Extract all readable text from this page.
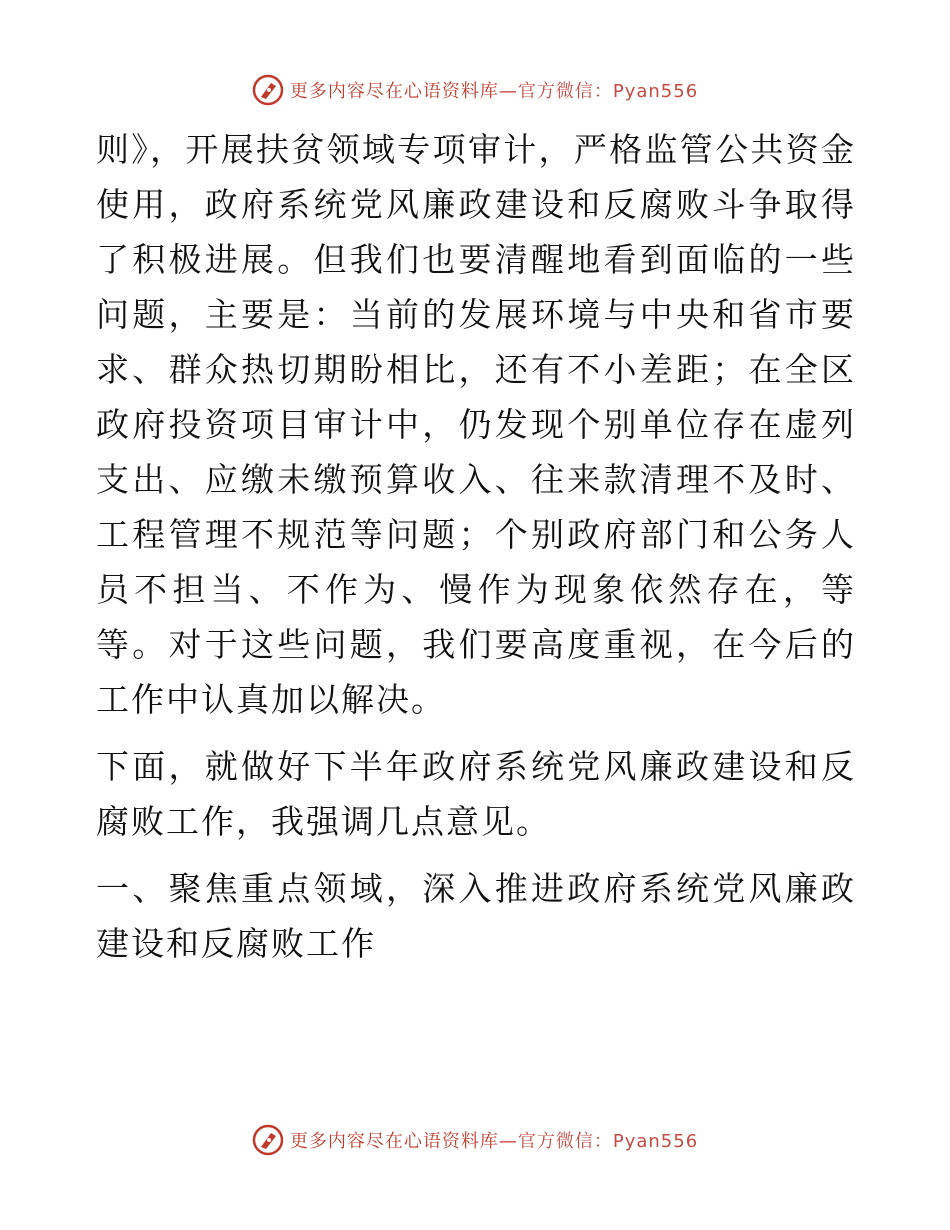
更多内容尽在心语资料库—官方微信：Pyan556

则》，开展扶贫领域专项审计，严格监管公共资金使用，政府系统党风廉政建设和反腐败斗争取得了积极进展。但我们也要清醒地看到面临的一些问题，主要是：当前的发展环境与中央和省市要求、群众热切期盼相比，还有不小差距；在全区政府投资项目审计中，仍发现个别单位存在虚列支出、应缴未缴预算收入、往来款清理不及时、工程管理不规范等问题；个别政府部门和公务人员不担当、不作为、慢作为现象依然存在，等等。对于这些问题，我们要高度重视，在今后的工作中认真加以解决。

下面，就做好下半年政府系统党风廉政建设和反腐败工作，我强调几点意见。

一、聚焦重点领域，深入推进政府系统党风廉政建设和反腐败工作

更多内容尽在心语资料库—官方微信：Pyan556
